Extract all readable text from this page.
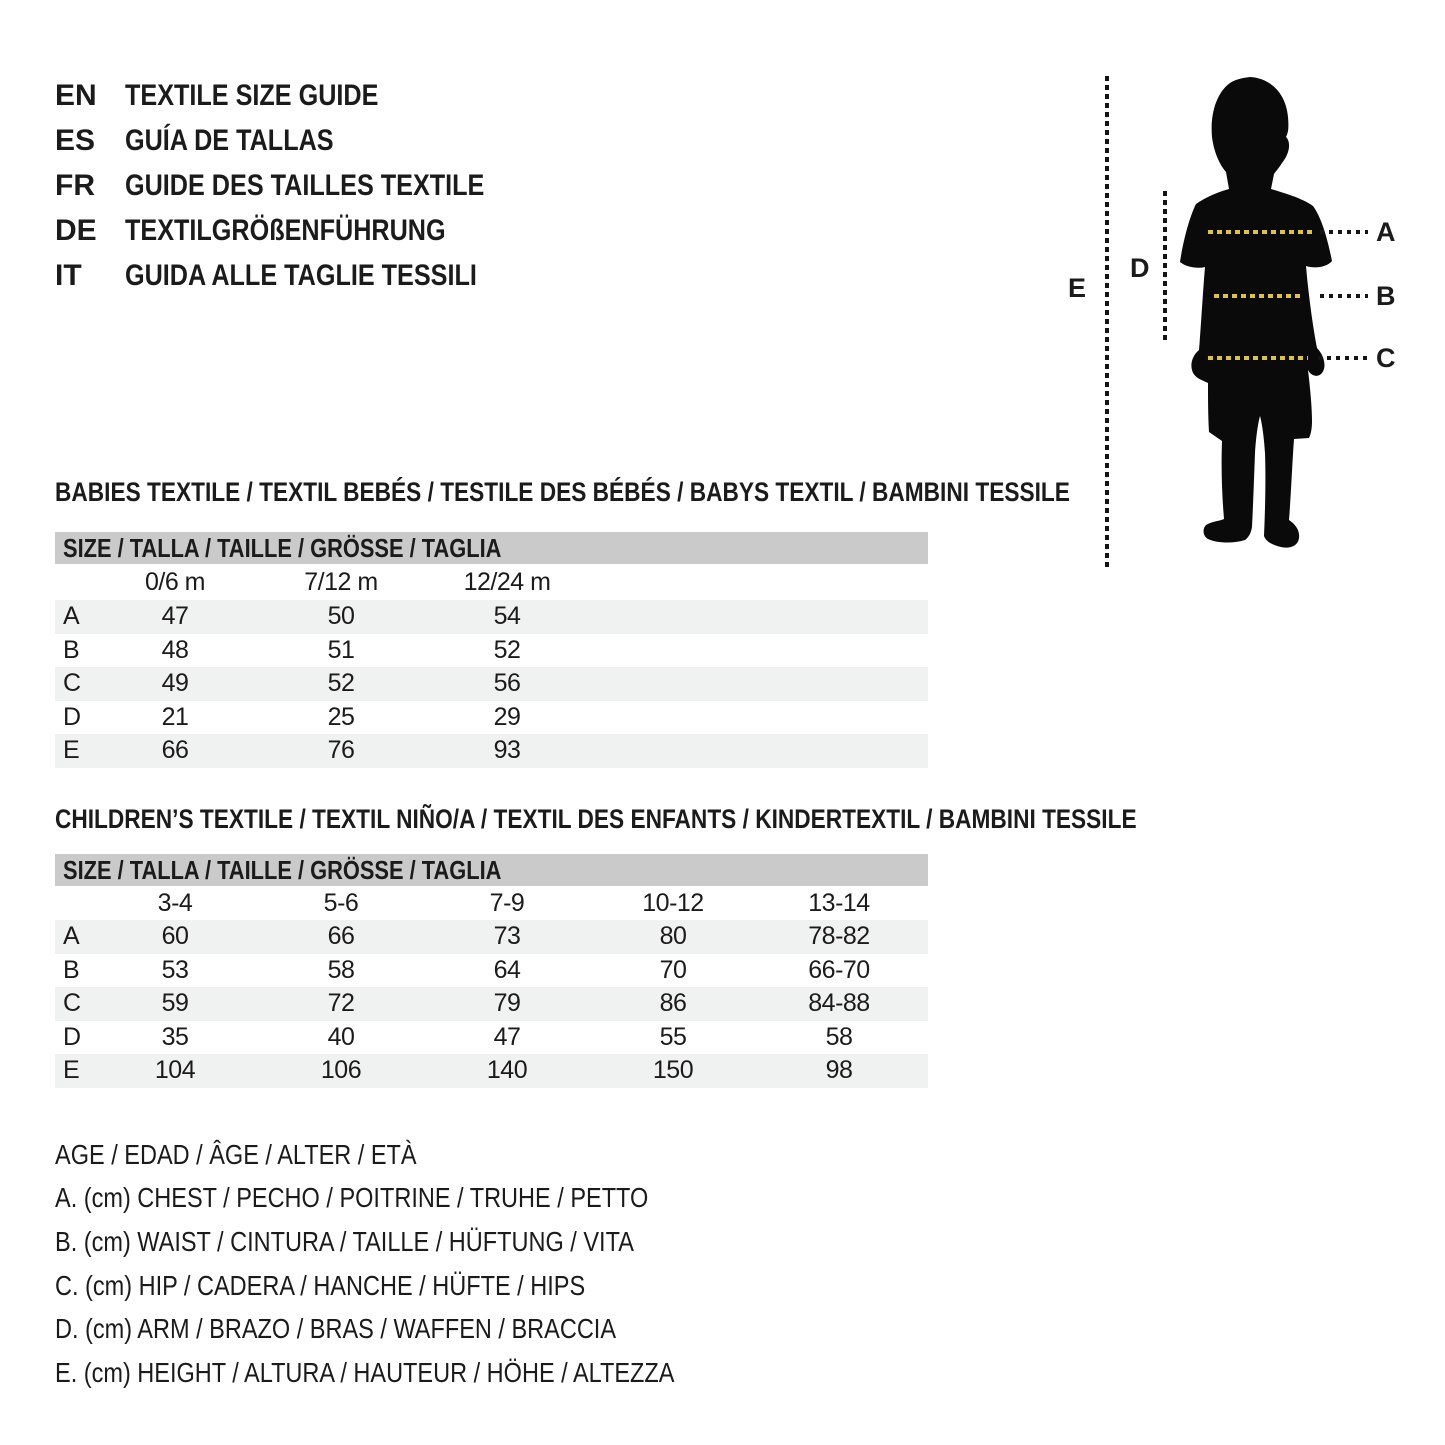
EN TEXTILE SIZE GUIDE
ES GUÍA DE TALLAS
FR	GUIDE DES TAILLES TEXTILE
DE TEXTILGRÖßENFÜHRUNG
IT	GUIDA ALLE TAGLIE TESSILI
A
B
C
D
E
BABIES TEXTILE / TEXTIL BEBÉS / TESTILE DES BÉBÉS / BABYS TEXTIL / BAMBINI TESSILE
SIZE / TALLA / TAILLE / GRÖSSE / TAGLIA
0/6 m	7/12 m	12/24 m
A	47	50	54
B	48	51	52
C	49	52	56
D	21	25	29
E	66	76	93
CHILDREN’S TEXTILE / TEXTIL NIÑO/A / TEXTIL DES ENFANTS / KINDERTEXTIL / BAMBINI TESSILE
SIZE / TALLA / TAILLE / GRÖSSE / TAGLIA
3-4	5-6	7-9	10-12	13-14
A	60	66	73	80	78-82
B	53	58	64	70	66-70
C	59	72	79	86	84-88
D	35	40	47	55	58
E	104	106	140	150	98
AGE / EDAD / ÂGE / ALTER / ETÀ
A. (cm) CHEST / PECHO / POITRINE / TRUHE / PETTO
B. (cm) WAIST / CINTURA / TAILLE / HÜFTUNG / VITA
C. (cm) HIP / CADERA / HANCHE / HÜFTE / HIPS
D. (cm) ARM / BRAZO / BRAS / WAFFEN / BRACCIA
E. (cm) HEIGHT / ALTURA / HAUTEUR / HÖHE / ALTEZZA
